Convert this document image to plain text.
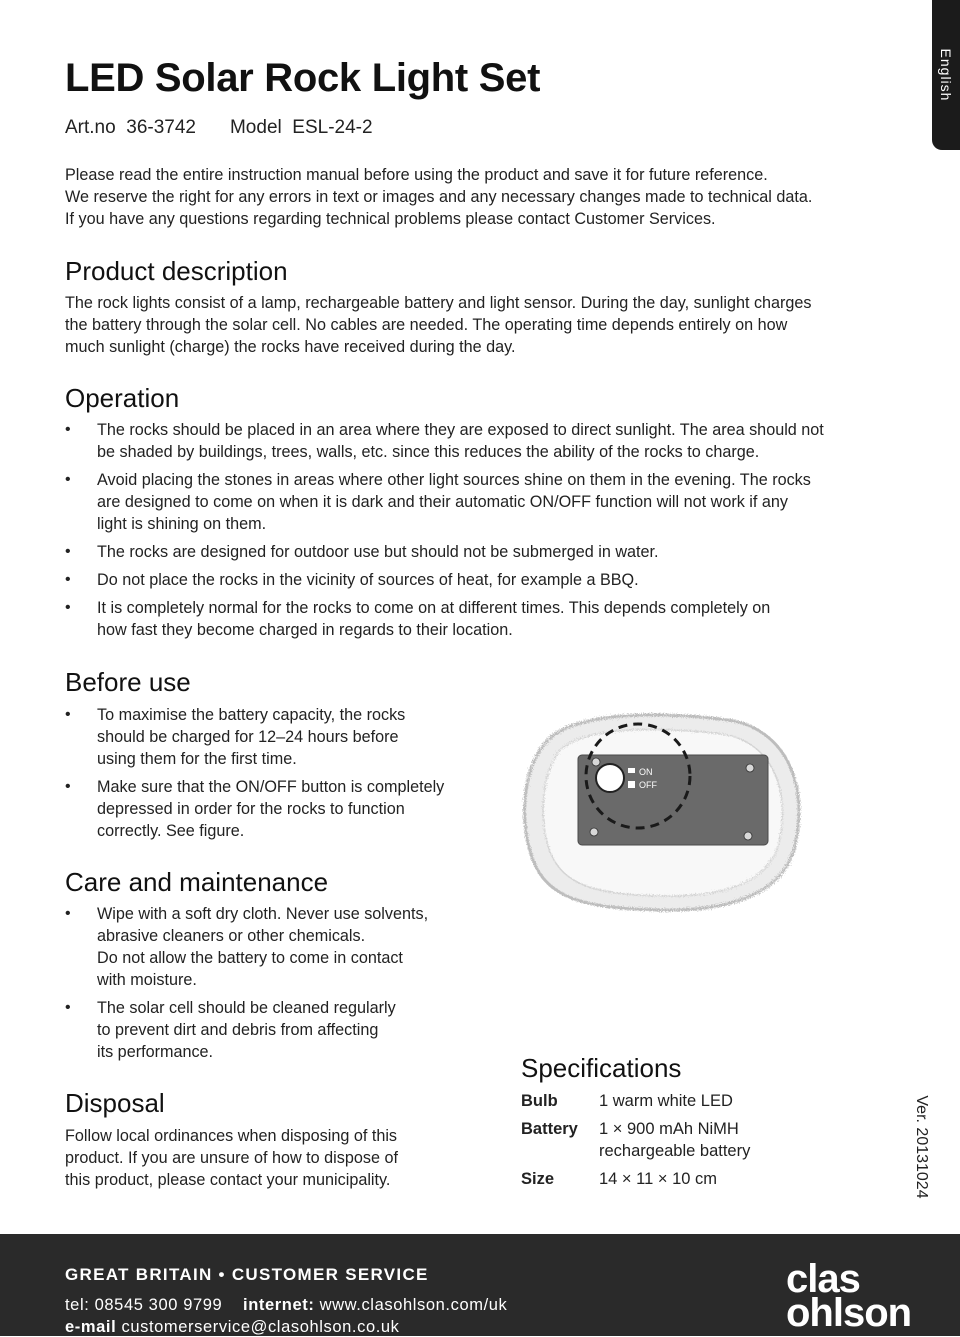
English
LED Solar Rock Light Set
Art.no  36-3742 Model  ESL-24-2
Please read the entire instruction manual before using the product and save it for future reference.
We reserve the right for any errors in text or images and any necessary changes made to technical data.
If you have any questions regarding technical problems please contact Customer Services.
Product description
The rock lights consist of a lamp, rechargeable battery and light sensor. During the day, sunlight charges
the battery through the solar cell. No cables are needed. The operating time depends entirely on how
much sunlight (charge) the rocks have received during the day.
Operation
• The rocks should be placed in an area where they are exposed to direct sunlight. The area should not
be shaded by buildings, trees, walls, etc. since this reduces the ability of the rocks to charge.
• Avoid placing the stones in areas where other light sources shine on them in the evening. The rocks
are designed to come on when it is dark and their automatic ON/OFF function will not work if any
light is shining on them.
• The rocks are designed for outdoor use but should not be submerged in water.
• Do not place the rocks in the vicinity of sources of heat, for example a BBQ.
• It is completely normal for the rocks to come on at different times. This depends completely on
how fast they become charged in regards to their location.
Before use
• To maximise the battery capacity, the rocks
should be charged for 12–24 hours before
using them for the first time.
• Make sure that the ON/OFF button is completely
depressed in order for the rocks to function
correctly. See figure.
ON
OFF
Care and maintenance
• Wipe with a soft dry cloth. Never use solvents,
abrasive cleaners or other chemicals.
Do not allow the battery to come in contact
with moisture.
• The solar cell should be cleaned regularly
to prevent dirt and debris from affecting
its performance.
Disposal
Follow local ordinances when disposing of this
product. If you are unsure of how to dispose of
this product, please contact your municipality.
Specifications
Bulb	1 warm white LED
Battery	1 × 900 mAh NiMH
rechargeable battery
Size	14 × 11 × 10 cm	Ver. 20131024
GREAT BRITAIN • CUSTOMER SERVICE
tel: 08545 300 9799 internet: www.clasohlson.com/uk
e-mail customerservice@clasohlson.co.uk
clas
ohlson
